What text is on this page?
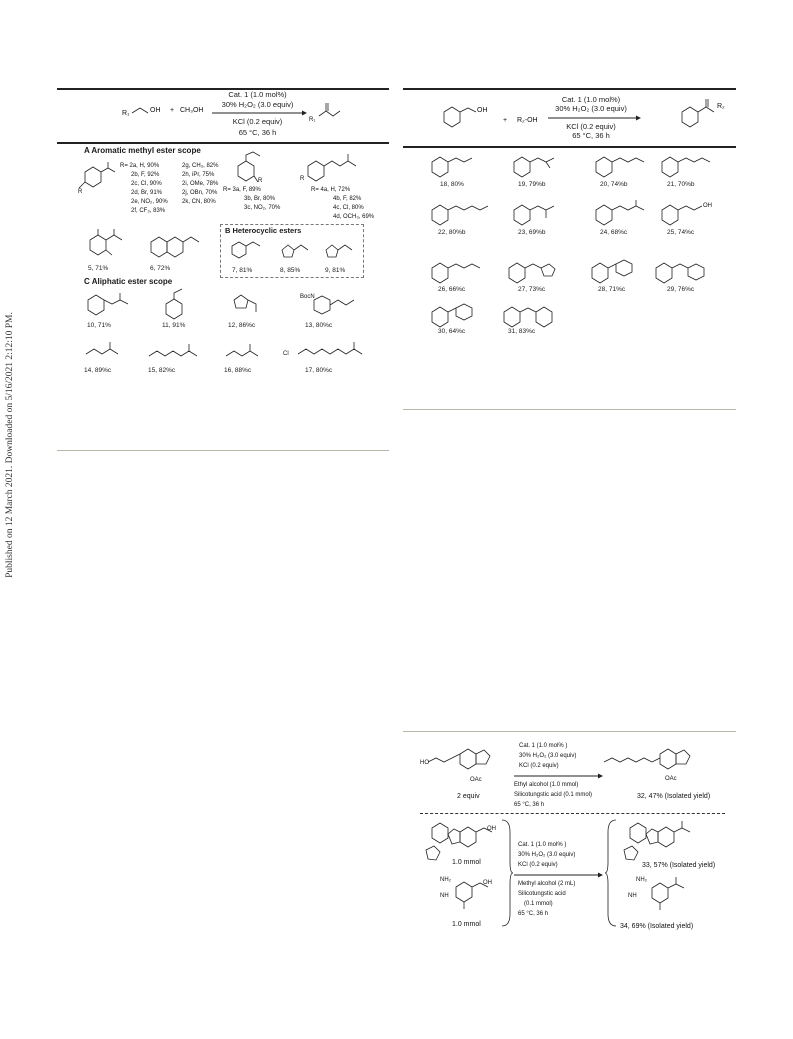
Published on 12 March 2021. Downloaded on 5/16/2021 2:12:10 PM.
R₁	OH + CH₃OH
Cat. 1 (1.0 mol%)
30% H₂O₂ (3.0 equiv)
KCl (0.2 equiv)
65 °C, 36 h
R₁
A Aromatic methyl ester scope
R
R= 2a, H, 90%
2b, F, 92%
2c, Cl, 90%
2d, Br, 91%
2e, NO₂, 90%
2f, CF₃, 83%
2g, CH₃, 82%
2h, iPr, 75%
2i, OMe, 78%
2j, OBn, 70%
2k, CN, 80%
R
R= 3a, F, 89%
3b, Br, 80%
3c, NO₂, 70%
R
R= 4a, H, 72%
4b, F, 82%
4c, Cl, 80%
4d, OCH₃, 69%
5, 71%	6, 72%
B Heterocyclic esters
7, 81%	8, 85%	9, 81%
C Aliphatic ester scope
10, 71%	11, 91%	12, 86%c
BocN
13, 80%c
14, 89%c	15, 82%c	16, 88%c
Cl
17, 80%c
OH
+ R₂-OH
Cat. 1 (1.0 mol%)
30% H₂O₂ (3.0 equiv)
KCl (0.2 equiv)
65 °C, 36 h
R₂
18, 80%	19, 79%b	20, 74%b	21, 70%b
22, 80%b	23, 69%b	24, 68%c
OH
25, 74%c
26, 66%c	27, 73%c	28, 71%c	29, 76%c
30, 64%c	31, 83%c
HO
OAc
2 equiv
Cat. 1 (1.0 mol% )
30% H₂O₂ (3.0 equiv)
KCl (0.2 equiv)
Ethyl alcohol (1.0 mmol)
Silicotungstic acid (0.1 mmol)
65 °C, 36 h
OAc
32, 47% (Isolated yield)
OH
1.0 mmol
NH₂
NH
OH
1.0 mmol
Cat. 1 (1.0 mol% )
30% H₂O₂ (3.0 equiv)
KCl (0.2 equiv)
Methyl alcohol (2 mL)
Silicotungstic acid
(0.1 mmol)
65 °C, 36 h
33, 57% (Isolated yield)
NH₂
NH
34, 69% (Isolated yield)
